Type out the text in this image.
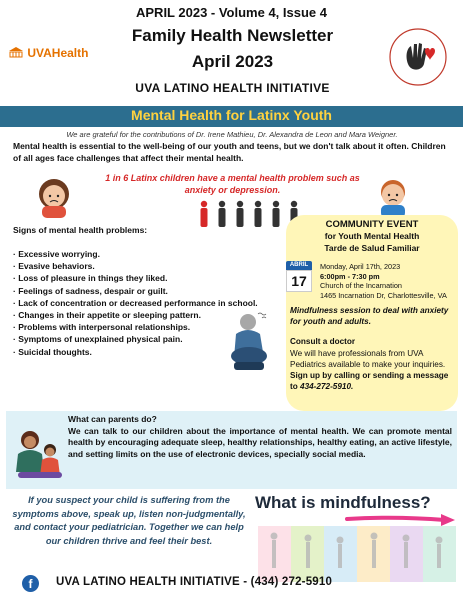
APRIL 2023 - Volume 4, Issue 4
UVAHealth
Family Health Newsletter
April 2023
UVA LATINO HEALTH INITIATIVE
Mental Health for Latinx Youth
We are grateful for the contributions of Dr. Irene Mathieu, Dr. Alexandra de Leon and Mara Weigner.
Mental health is essential to the well-being of our youth and teens, but we don't talk about it often. Children of all ages face challenges that affect their mental health.
1 in 6 Latinx children have a mental health problem such as
anxiety or depression.
Signs of mental health problems:
· Excessive worrying.
· Evasive behaviors.
· Loss of pleasure in things they liked.
· Feelings of sadness, despair or guilt.
· Lack of concentration or decreased performance in school.
· Changes in their appetite or sleeping pattern.
· Problems with interpersonal relationships.
· Symptoms of unexplained physical pain.
· Suicidal thoughts.
COMMUNITY EVENT
for Youth Mental Health
Tarde de Salud Familiar
ABRIL
17
Monday, April 17th, 2023
6:00pm - 7:30 pm
Church of the Incarnation
1465 Incarnation Dr, Charlottesville, VA
Mindfulness session to deal with anxiety for youth and adults.
Consult a doctor
We will have professionals from UVA Pediatrics available to make your inquiries. Sign up by calling or sending a message to 434-272-5910.
What can parents do?
We can talk to our children about the importance of mental health. We can promote mental health by encouraging adequate sleep, healthy relationships, healthy eating, an active lifestyle, and setting limits on the use of electronic devices, specially social media.
If you suspect your child is suffering from the symptoms above, speak up, listen non-judgmentally, and contact your pediatrician. Together we can help our children thrive and feel their best.
What is mindfulness?
f	UVA LATINO HEALTH INITIATIVE - (434) 272-5910
